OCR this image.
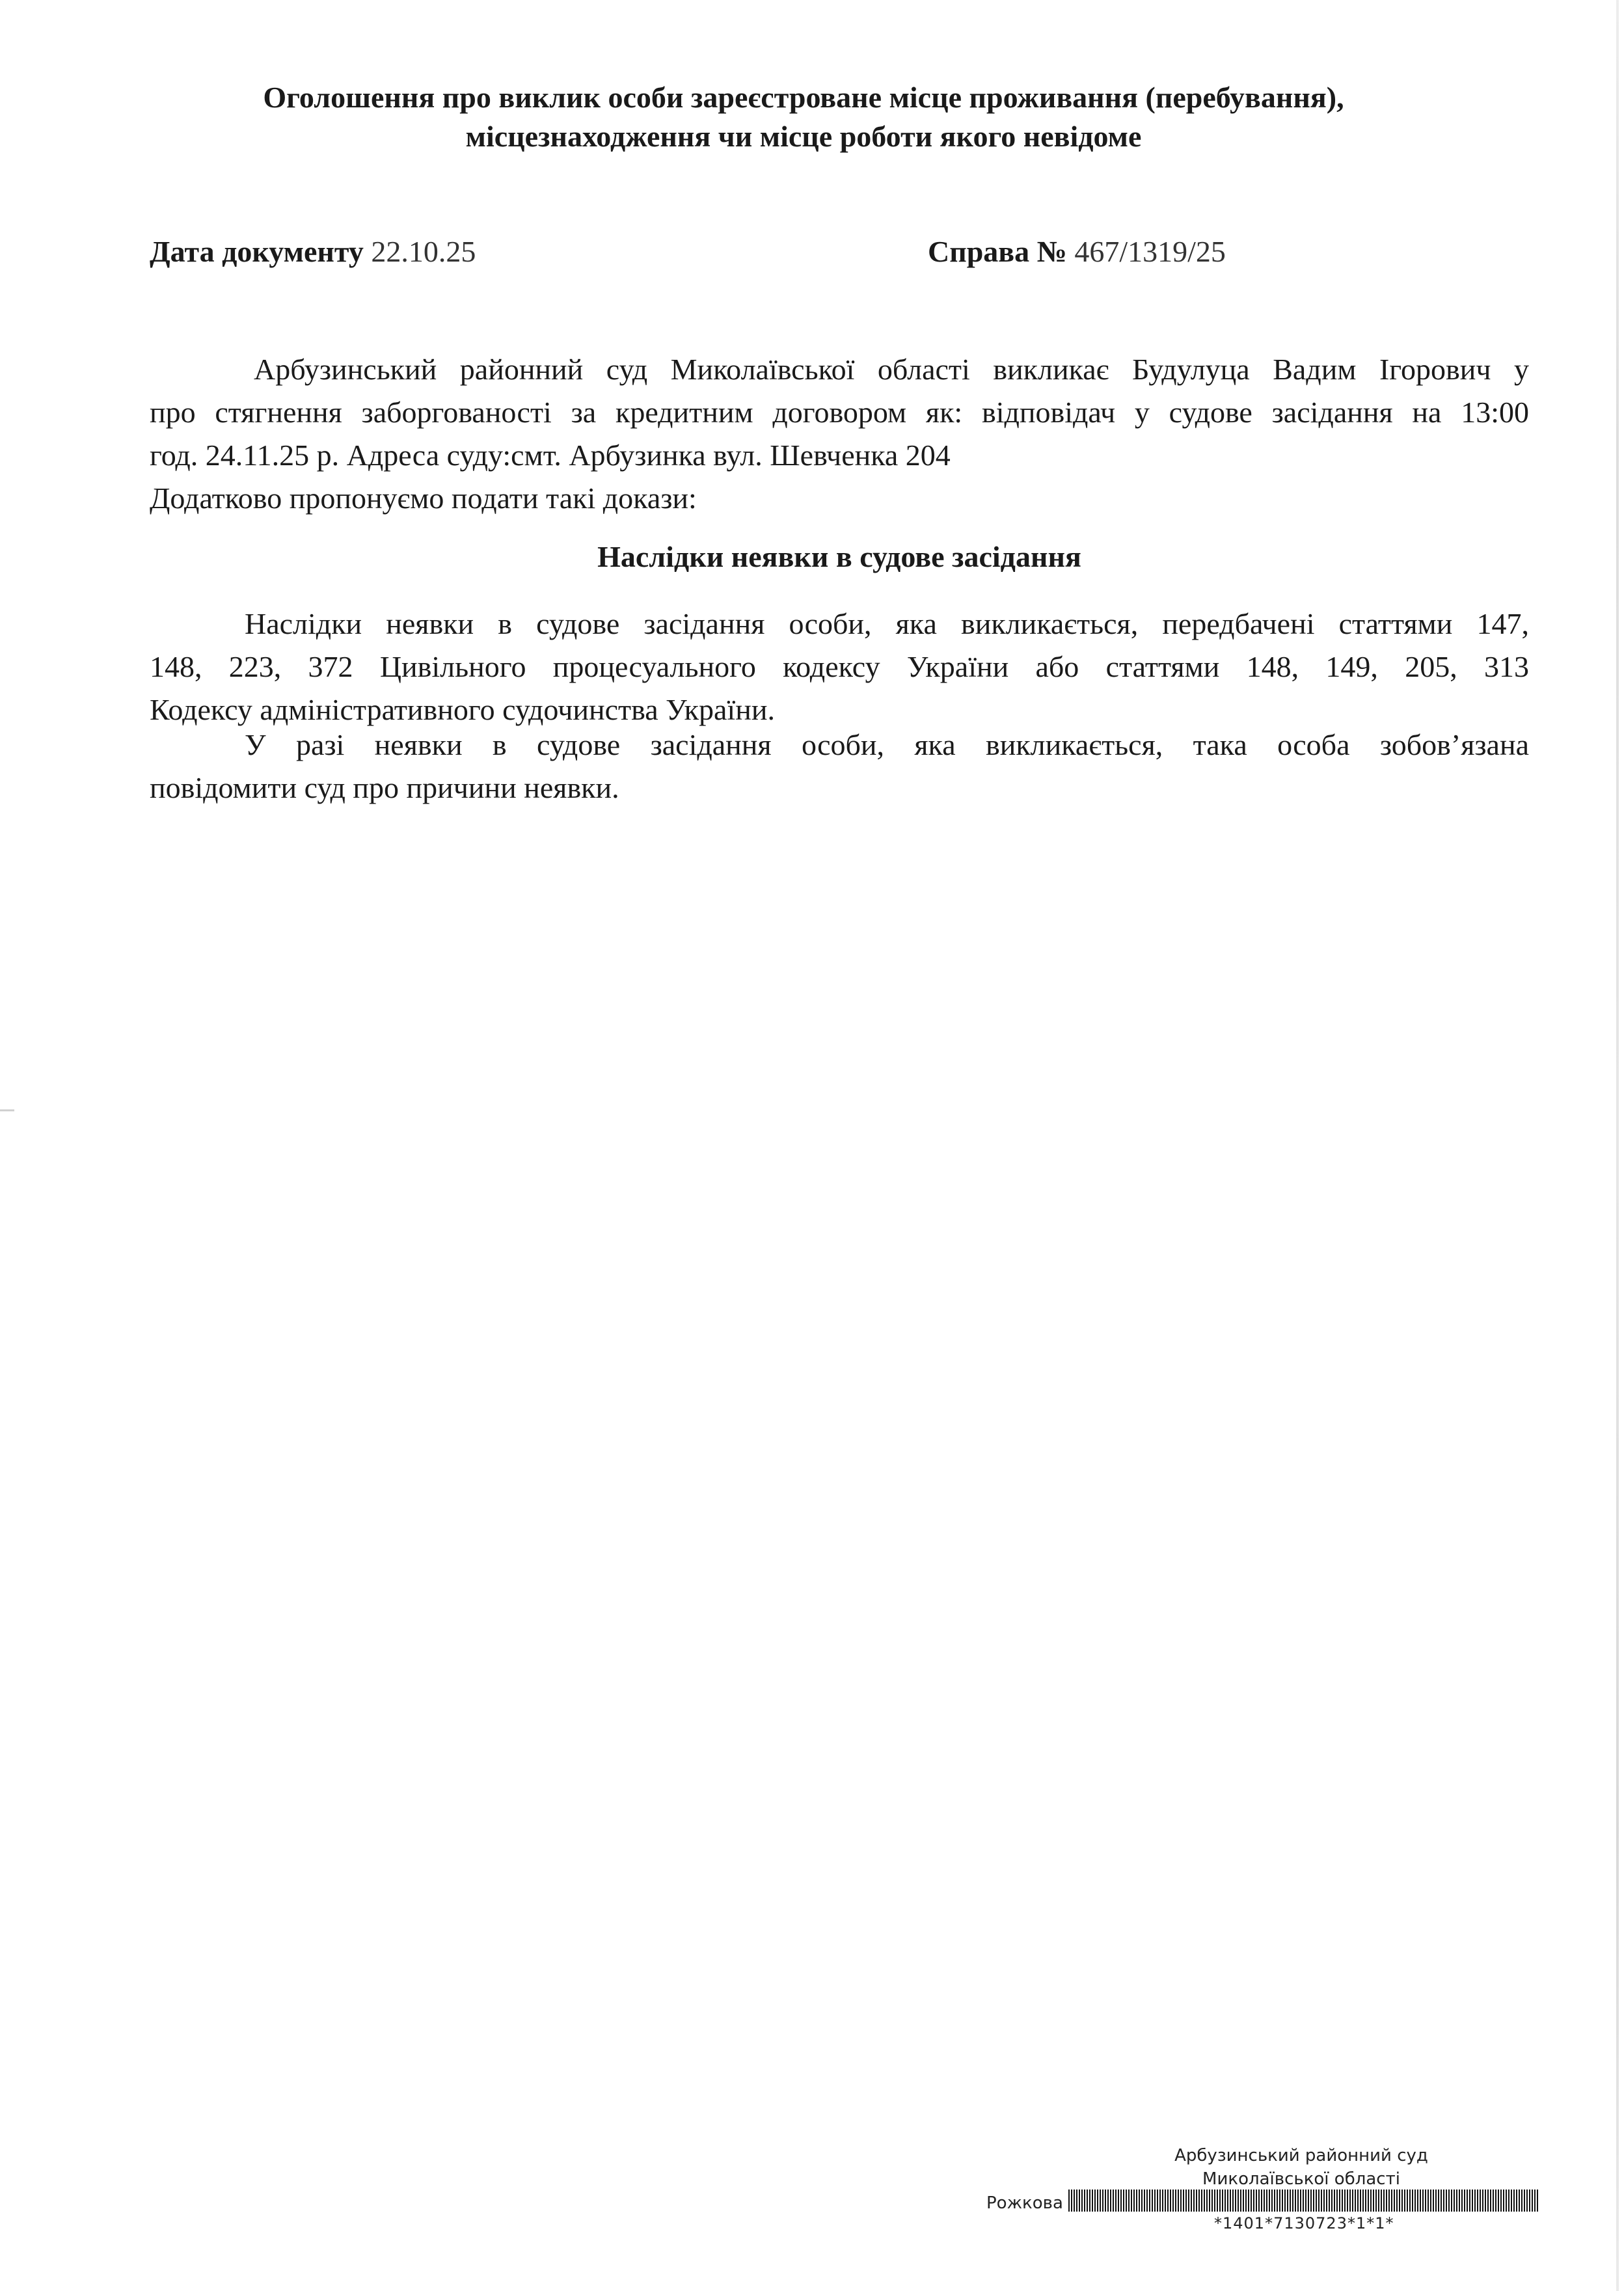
Оголошення про виклик особи зареєстроване місце проживання (перебування),
місцезнаходження чи місце роботи якого невідоме
Дата документу 22.10.25	Справа № 467/1319/25
Арбузинський районний суд Миколаївської області викликає Будулуца Вадим Ігорович у
про стягнення заборгованості за кредитним договором як: відповідач у судове засідання на 13:00
год. 24.11.25 р. Адреса суду:смт. Арбузинка вул. Шевченка 204
Додатково пропонуємо подати такі докази:
Наслідки неявки в судове засідання
Наслідки неявки в судове засідання особи, яка викликається, передбачені статтями 147,
148, 223, 372 Цивільного процесуального кодексу України або статтями 148, 149, 205, 313
Кодексу адміністративного судочинства України.
У разі неявки в судове засідання особи, яка викликається, така особа зобов’язана
повідомити суд про причини неявки.
Арбузинський районний суд
Миколаївської області
Рожкова
*1401*7130723*1*1*
